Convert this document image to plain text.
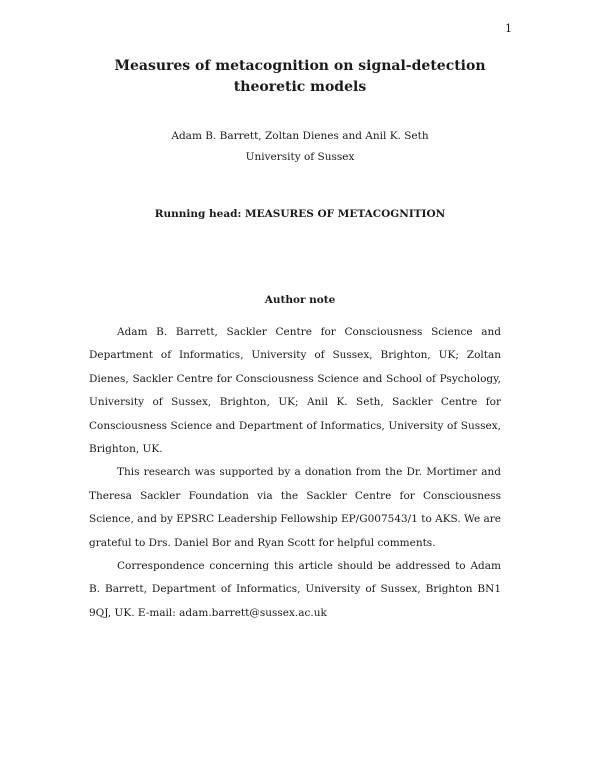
1
Measures of metacognition on signal-detection
theoretic models
Adam B. Barrett, Zoltan Dienes and Anil K. Seth
University of Sussex
Running head: MEASURES OF METACOGNITION
Author note

Adam B. Barrett, Sackler Centre for Consciousness Science and Department of Informatics, University of Sussex, Brighton, UK; Zoltan Dienes, Sackler Centre for Consciousness Science and School of Psychology, University of Sussex, Brighton, UK; Anil K. Seth, Sackler Centre for Consciousness Science and Department of Informatics, University of Sussex, Brighton, UK.

This research was supported by a donation from the Dr. Mortimer and Theresa Sackler Foundation via the Sackler Centre for Consciousness Science, and by EPSRC Leadership Fellowship EP/G007543/1 to AKS. We are grateful to Drs. Daniel Bor and Ryan Scott for helpful comments.

Correspondence concerning this article should be addressed to Adam B. Barrett, Department of Informatics, University of Sussex, Brighton BN1 9QJ, UK. E-mail: adam.barrett@sussex.ac.uk
